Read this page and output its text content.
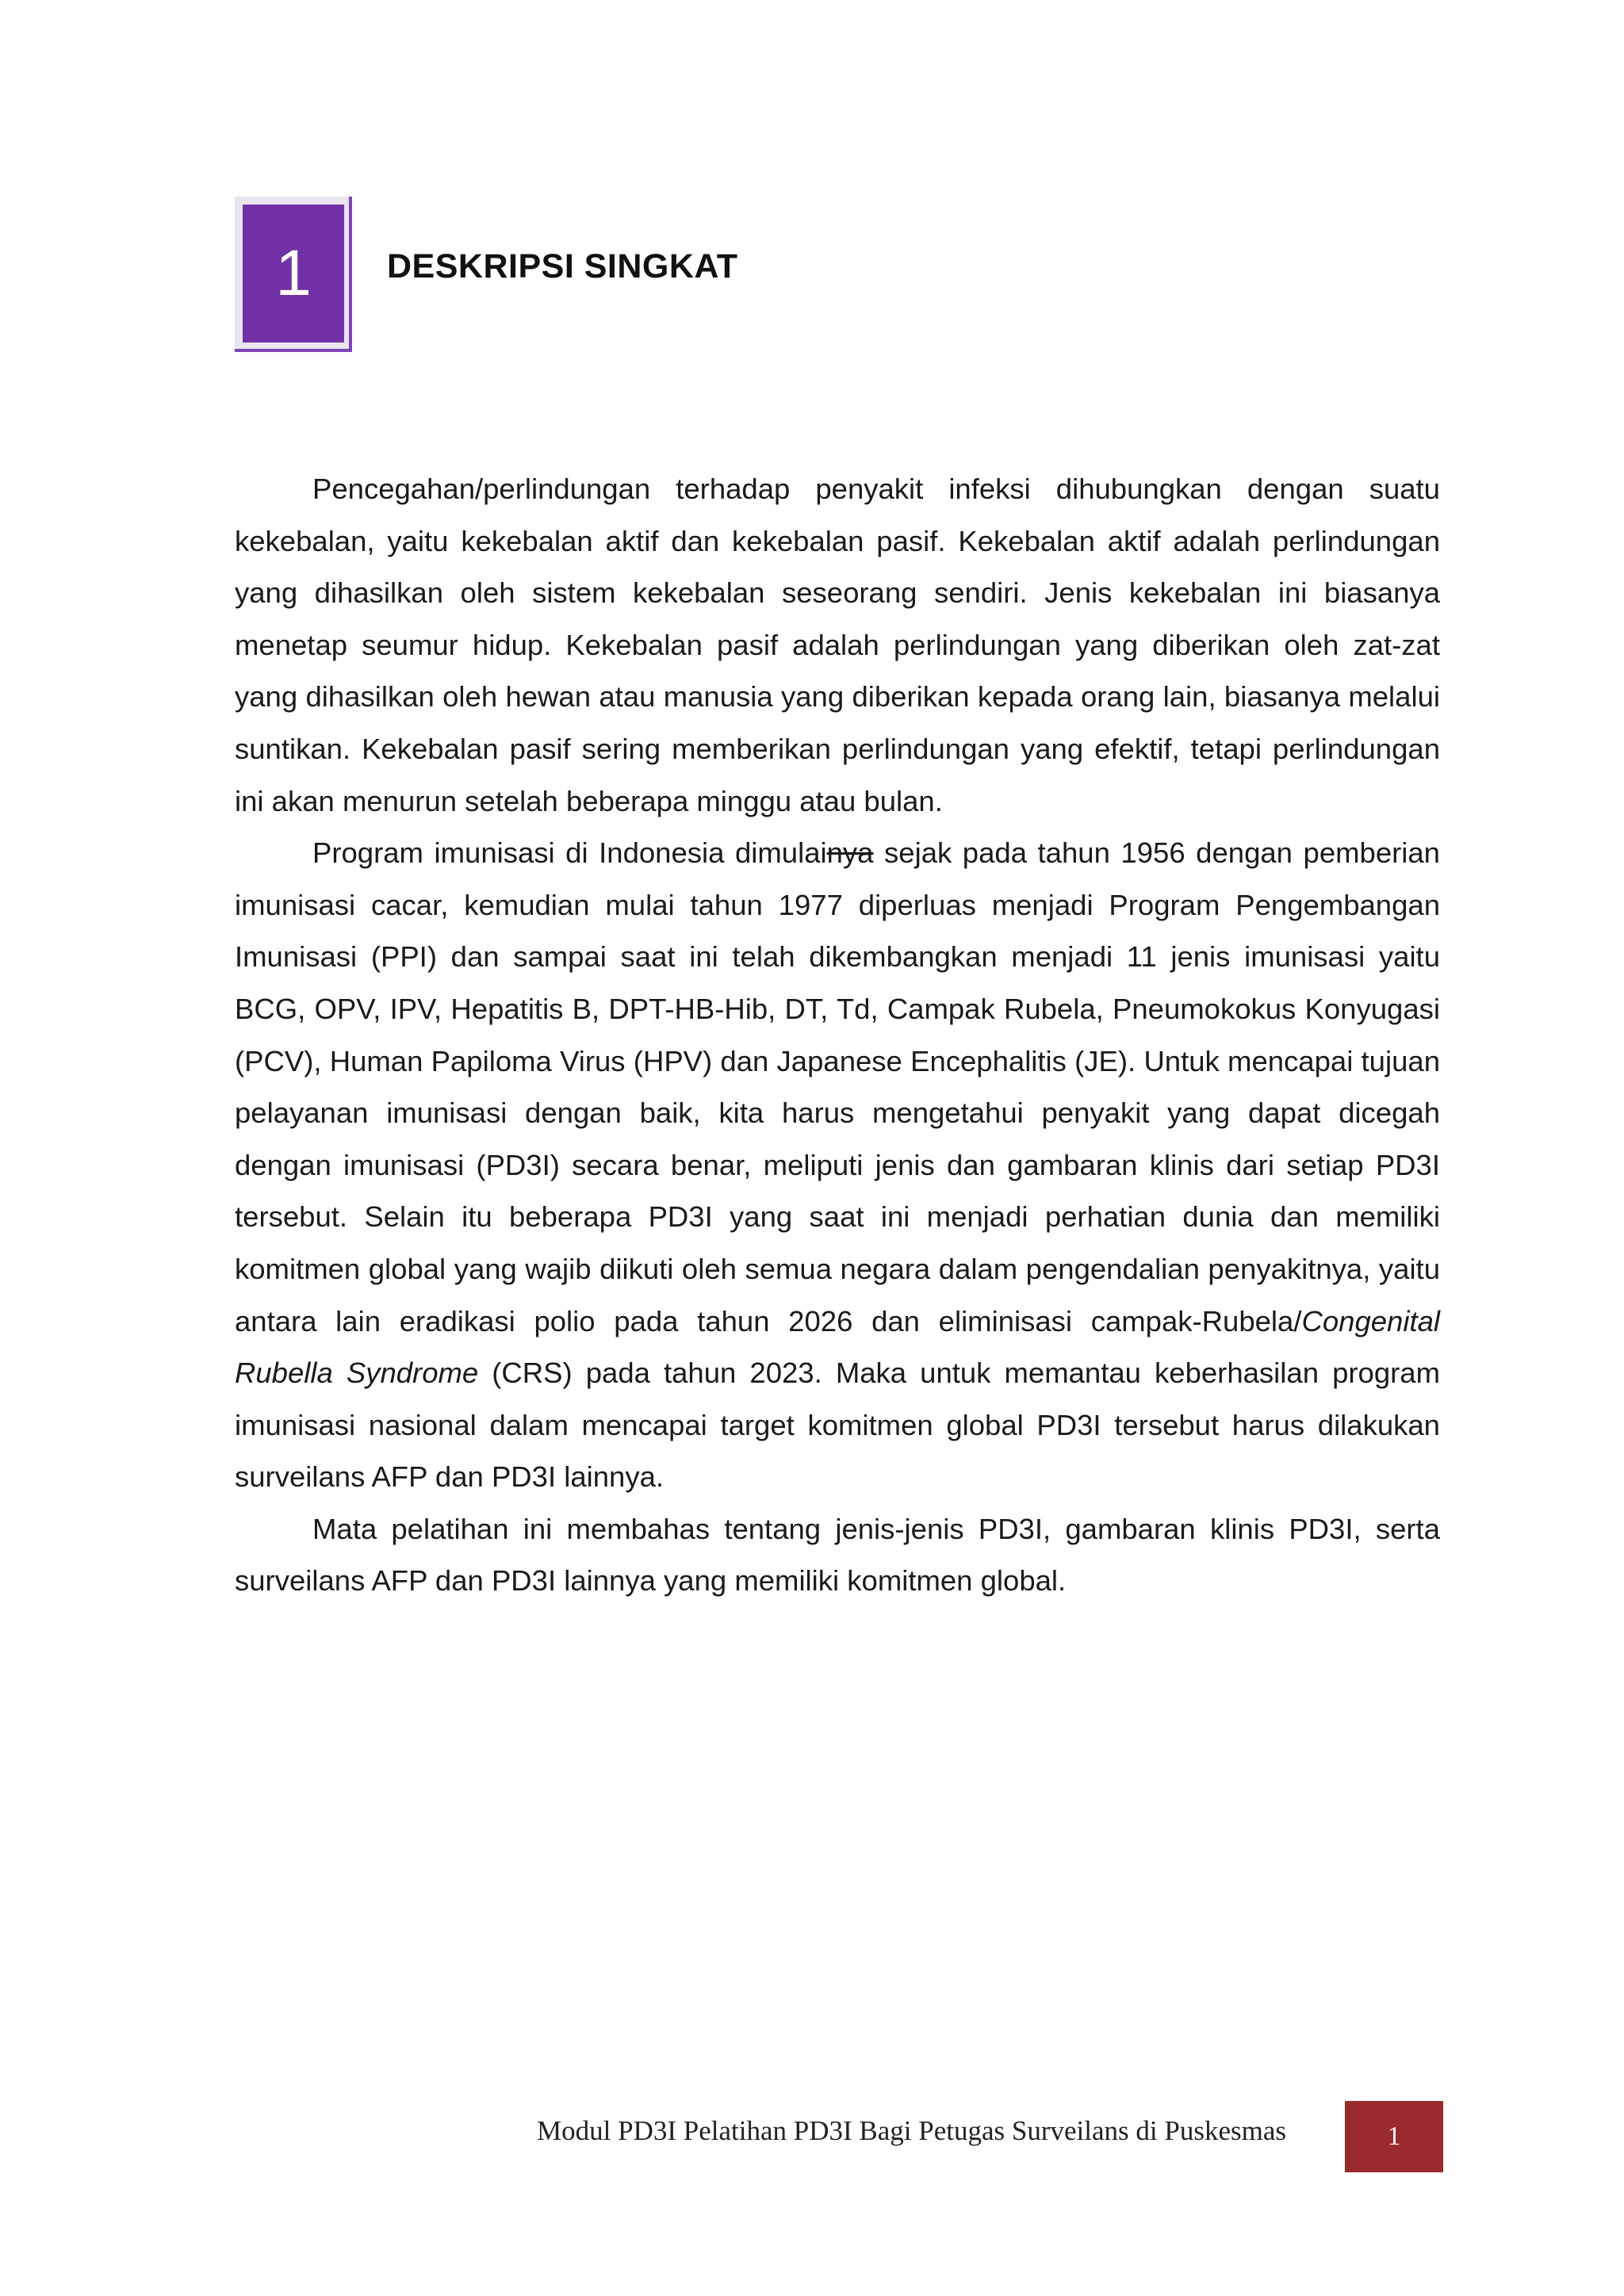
1	DESKRIPSI SINGKAT

Pencegahan/perlindungan terhadap penyakit infeksi dihubungkan dengan suatu kekebalan, yaitu kekebalan aktif dan kekebalan pasif. Kekebalan aktif adalah perlindungan yang dihasilkan oleh sistem kekebalan seseorang sendiri. Jenis kekebalan ini biasanya menetap seumur hidup. Kekebalan pasif adalah perlindungan yang diberikan oleh zat-zat yang dihasilkan oleh hewan atau manusia yang diberikan kepada orang lain, biasanya melalui suntikan. Kekebalan pasif sering memberikan perlindungan yang efektif, tetapi perlindungan ini akan menurun setelah beberapa minggu atau bulan.

Program imunisasi di Indonesia dimulainya sejak pada tahun 1956 dengan pemberian imunisasi cacar, kemudian mulai tahun 1977 diperluas menjadi Program Pengembangan Imunisasi (PPI) dan sampai saat ini telah dikembangkan menjadi 11 jenis imunisasi yaitu BCG, OPV, IPV, Hepatitis B, DPT-HB-Hib, DT, Td, Campak Rubela, Pneumokokus Konyugasi (PCV), Human Papiloma Virus (HPV) dan Japanese Encephalitis (JE). Untuk mencapai tujuan pelayanan imunisasi dengan baik, kita harus mengetahui penyakit yang dapat dicegah dengan imunisasi (PD3I) secara benar, meliputi jenis dan gambaran klinis dari setiap PD3I tersebut. Selain itu beberapa PD3I yang saat ini menjadi perhatian dunia dan memiliki komitmen global yang wajib diikuti oleh semua negara dalam pengendalian penyakitnya, yaitu antara lain eradikasi polio pada tahun 2026 dan eliminisasi campak-Rubela/Congenital Rubella Syndrome (CRS) pada tahun 2023. Maka untuk memantau keberhasilan program imunisasi nasional dalam mencapai target komitmen global PD3I tersebut harus dilakukan surveilans AFP dan PD3I lainnya.

Mata pelatihan ini membahas tentang jenis-jenis PD3I, gambaran klinis PD3I, serta surveilans AFP dan PD3I lainnya yang memiliki komitmen global.

Modul PD3I Pelatihan PD3I Bagi Petugas Surveilans di Puskesmas	1
